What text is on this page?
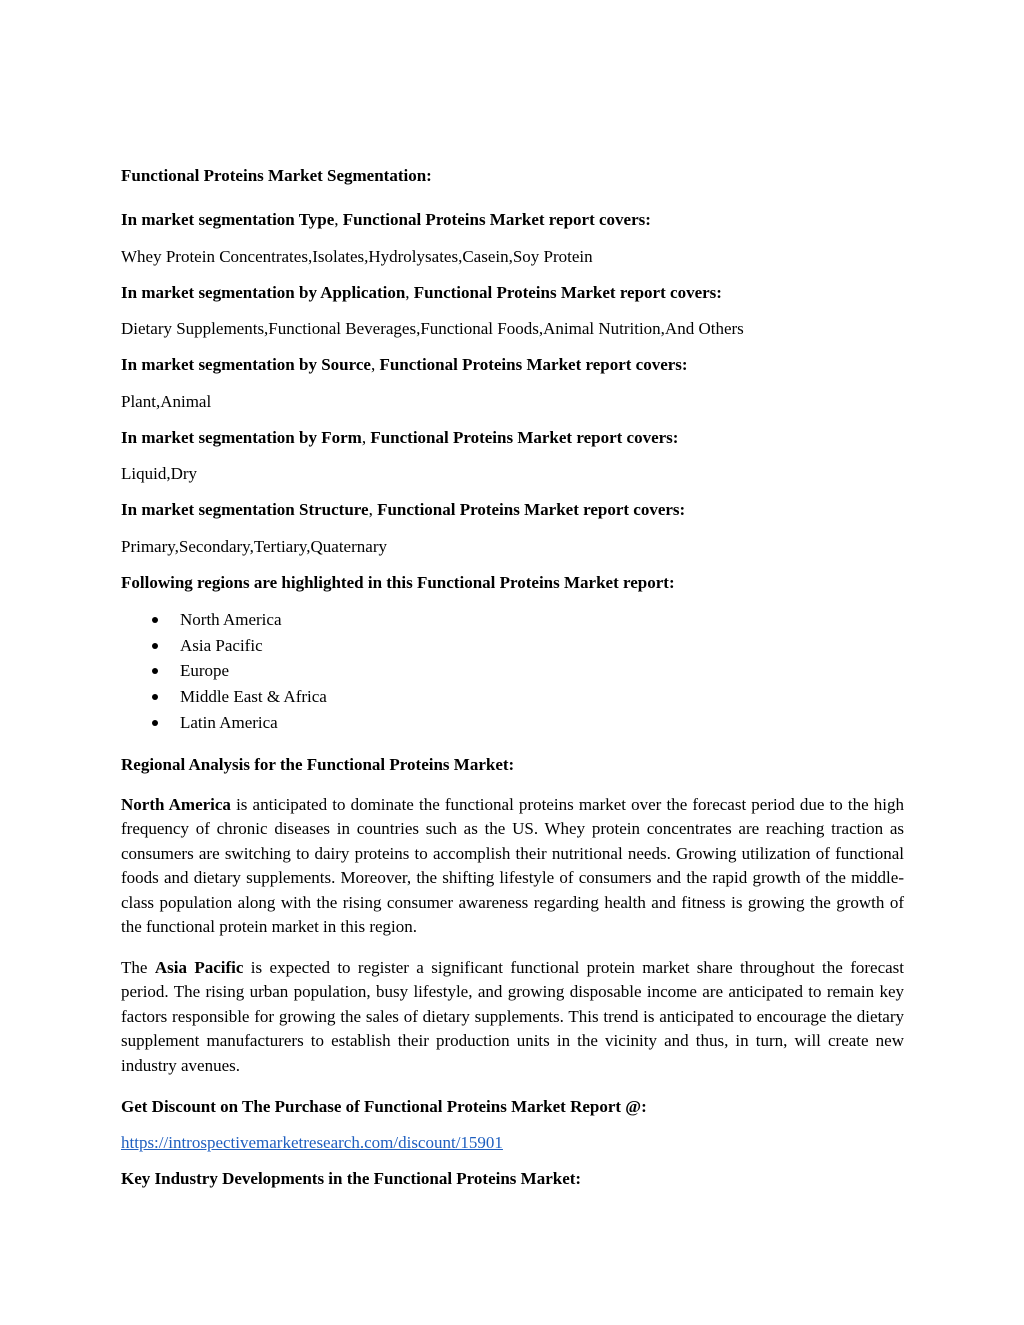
Functional Proteins Market Segmentation:
In market segmentation Type, Functional Proteins Market report covers:
Whey Protein Concentrates,Isolates,Hydrolysates,Casein,Soy Protein
In market segmentation by Application, Functional Proteins Market report covers:
Dietary Supplements,Functional Beverages,Functional Foods,Animal Nutrition,And Others
In market segmentation by Source, Functional Proteins Market report covers:
Plant,Animal
In market segmentation by Form, Functional Proteins Market report covers:
Liquid,Dry
In market segmentation Structure, Functional Proteins Market report covers:
Primary,Secondary,Tertiary,Quaternary
Following regions are highlighted in this Functional Proteins Market report:
North America
Asia Pacific
Europe
Middle East & Africa
Latin America
Regional Analysis for the Functional Proteins Market:
North America is anticipated to dominate the functional proteins market over the forecast period due to the high frequency of chronic diseases in countries such as the US. Whey protein concentrates are reaching traction as consumers are switching to dairy proteins to accomplish their nutritional needs. Growing utilization of functional foods and dietary supplements. Moreover, the shifting lifestyle of consumers and the rapid growth of the middle-class population along with the rising consumer awareness regarding health and fitness is growing the growth of the functional protein market in this region.
The Asia Pacific is expected to register a significant functional protein market share throughout the forecast period. The rising urban population, busy lifestyle, and growing disposable income are anticipated to remain key factors responsible for growing the sales of dietary supplements. This trend is anticipated to encourage the dietary supplement manufacturers to establish their production units in the vicinity and thus, in turn, will create new industry avenues.
Get Discount on The Purchase of Functional Proteins Market Report @:
https://introspectivemarketresearch.com/discount/15901
Key Industry Developments in the Functional Proteins Market:
